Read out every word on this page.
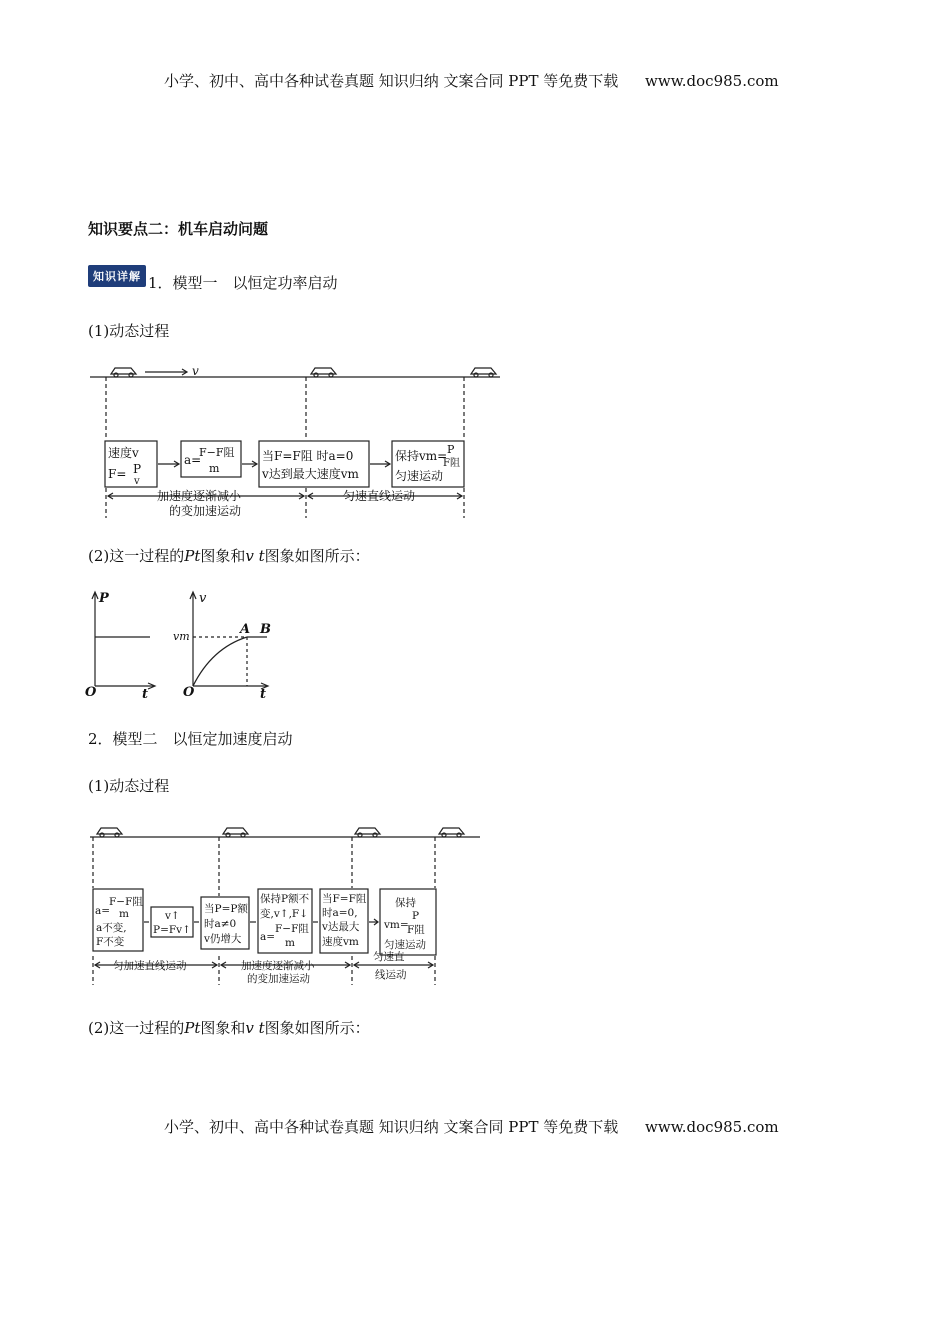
小学、初中、高中各种试卷真题 知识归纳 文案合同 PPT 等免费下载 www.doc985.com
知识要点二：机车启动问题
知识详解 1．模型一　以恒定功率启动
(1)动态过程
v
速度v
F= P
v
a=
F−F阻
m
当F=F阻 时a=0
v达到最大速度vm
保持vm= P
F阻
匀速运动
加速度逐渐减小
的变加速运动
匀速直线运动
(2)这一过程的Pt图象和v t图象如图所示：
P
t
O
v
t
O
vm	A B
2．模型二　以恒定加速度启动
(1)动态过程
a=
F−F阻
m
a不变,
F不变
v↑
P=Fv↑
当P=P额
时a≠0
v仍增大
保持P额不
变,v↑,F↓
a=
F−F阻
m
当F=F阻
时a=0,
v达最大
速度vm
保持
vm=
P
F阻
匀速运动
匀加速直线运动	加速度逐渐减小
的变加速运动
匀速直
线运动
(2)这一过程的Pt图象和v t图象如图所示：
小学、初中、高中各种试卷真题 知识归纳 文案合同 PPT 等免费下载 www.doc985.com
